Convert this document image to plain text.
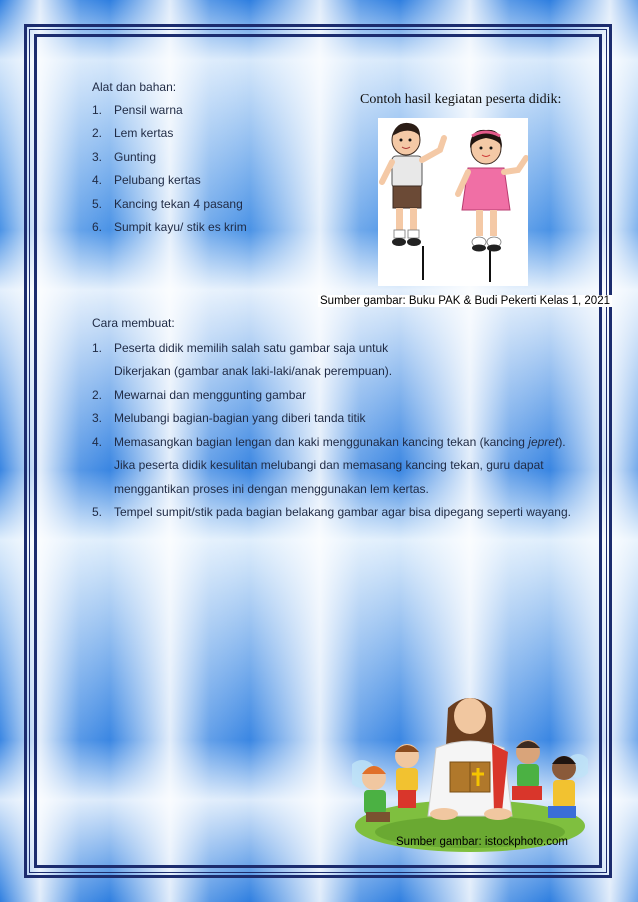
Alat dan bahan:
1. Pensil warna
2. Lem kertas
3. Gunting
4. Pelubang kertas
5. Kancing tekan 4 pasang
6. Sumpit kayu/ stik es krim
Contoh hasil kegiatan peserta didik:
Sumber gambar: Buku PAK & Budi Pekerti Kelas 1, 2021
Cara membuat:
1. Peserta didik memilih salah satu gambar saja untuk
Dikerjakan (gambar anak laki-laki/anak perempuan).
2. Mewarnai dan menggunting gambar
3. Melubangi bagian-bagian yang diberi tanda titik
4. Memasangkan bagian lengan dan kaki menggunakan kancing tekan (kancing jepret).
Jika peserta didik kesulitan melubangi dan memasang kancing tekan, guru dapat
menggantikan proses ini dengan menggunakan lem kertas.
5. Tempel sumpit/stik pada bagian belakang gambar agar bisa dipegang seperti wayang.
Sumber gambar: istockphoto.com
